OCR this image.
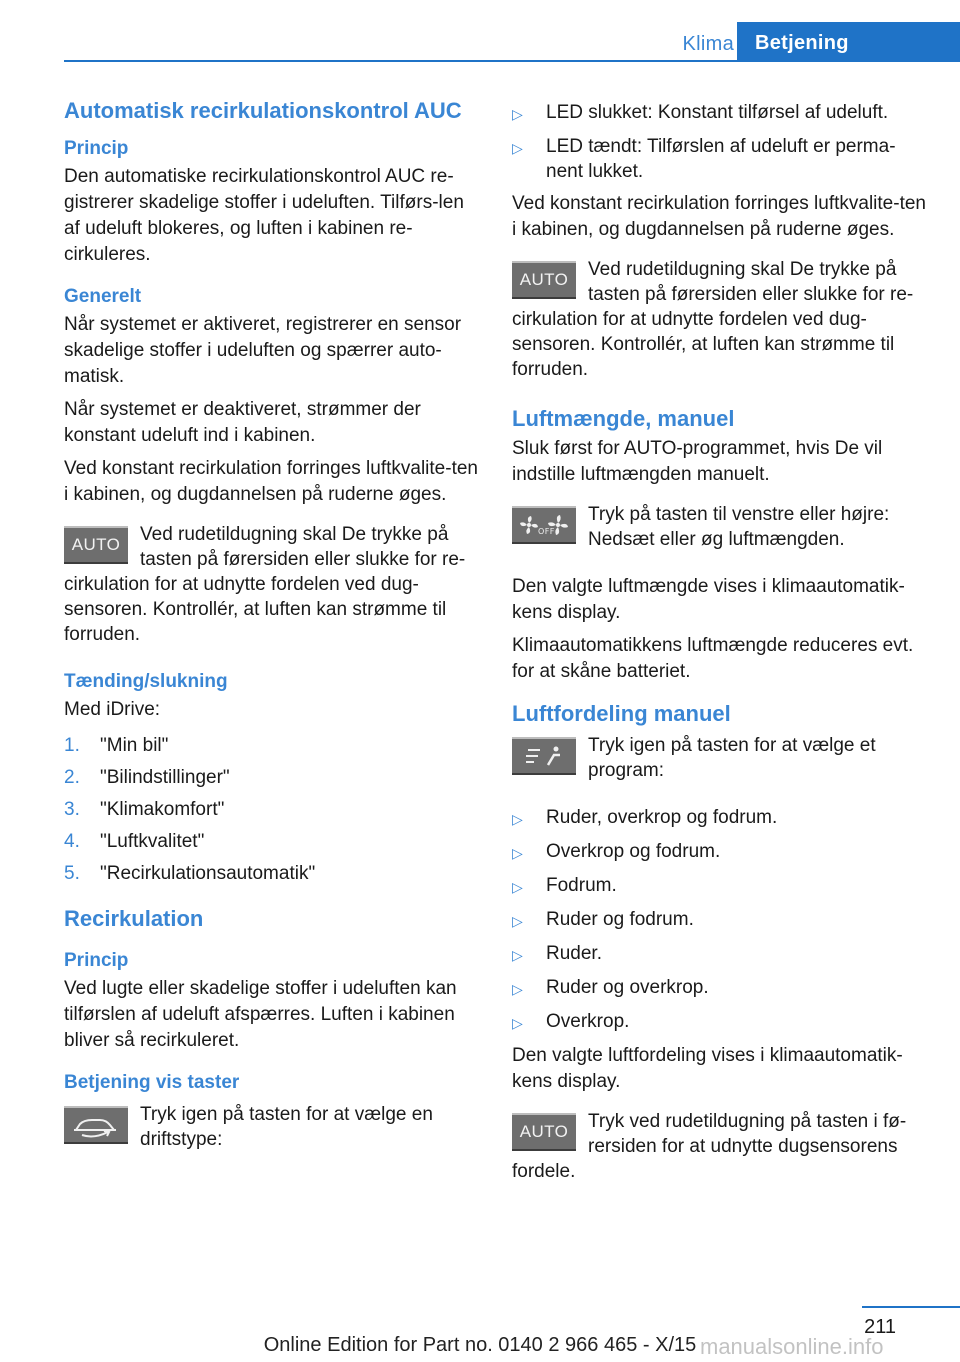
Klima	Betjening
Automatisk recirkulationskontrol AUC
Princip

Den automatiske recirkulationskontrol AUC re-gistrerer skadelige stoffer i udeluften. Tilførs-len af udeluft blokeres, og luften i kabinen re-cirkuleres.

Generelt

Når systemet er aktiveret, registrerer en sensor skadelige stoffer i udeluften og spærrer auto-matisk.

Når systemet er deaktiveret, strømmer der konstant udeluft ind i kabinen.

Ved konstant recirkulation forringes luftkvalite-ten i kabinen, og dugdannelsen på ruderne øges.

AUTO	Ved rudetildugning skal De trykke på tasten på førersiden eller slukke for re-cirkulation for at udnytte fordelen ved dug-sensoren. Kontrollér, at luften kan strømme til forruden.

Tænding/slukning

Med iDrive:

1.	"Min bil"
2.	"Bilindstillinger"
3.	"Klimakomfort"
4.	"Luftkvalitet"
5.	"Recirkulationsautomatik"
Recirkulation
Princip

Ved lugte eller skadelige stoffer i udeluften kan tilførslen af udeluft afspærres. Luften i kabinen bliver så recirkuleret.

Betjening vis taster

Tryk igen på tasten for at vælge en driftstype:

▷	LED slukket: Konstant tilførsel af udeluft.
▷	LED tændt: Tilførslen af udeluft er perma-nent lukket.

Ved konstant recirkulation forringes luftkvalite-ten i kabinen, og dugdannelsen på ruderne øges.

AUTO	Ved rudetildugning skal De trykke på tasten på førersiden eller slukke for re-cirkulation for at udnytte fordelen ved dug-sensoren. Kontrollér, at luften kan strømme til forruden.

Luftmængde, manuel

Sluk først for AUTO-programmet, hvis De vil indstille luftmængden manuelt.

OFF

Tryk på tasten til venstre eller højre: Nedsæt eller øg luftmængden.

Den valgte luftmængde vises i klimaautomatik-kens display.

Klimaautomatikkens luftmængde reduceres evt. for at skåne batteriet.

Luftfordeling manuel

Tryk igen på tasten for at vælge et program:

▷	Ruder, overkrop og fodrum.
▷	Overkrop og fodrum.
▷	Fodrum.
▷	Ruder og fodrum.
▷	Ruder.
▷	Ruder og overkrop.
▷	Overkrop.

Den valgte luftfordeling vises i klimaautomatik-kens display.

AUTO	Tryk ved rudetildugning på tasten i fø-rersiden for at udnytte dugsensorens fordele.

211
Online Edition for Part no. 0140 2 966 465 - X/15 manualsonline.info
